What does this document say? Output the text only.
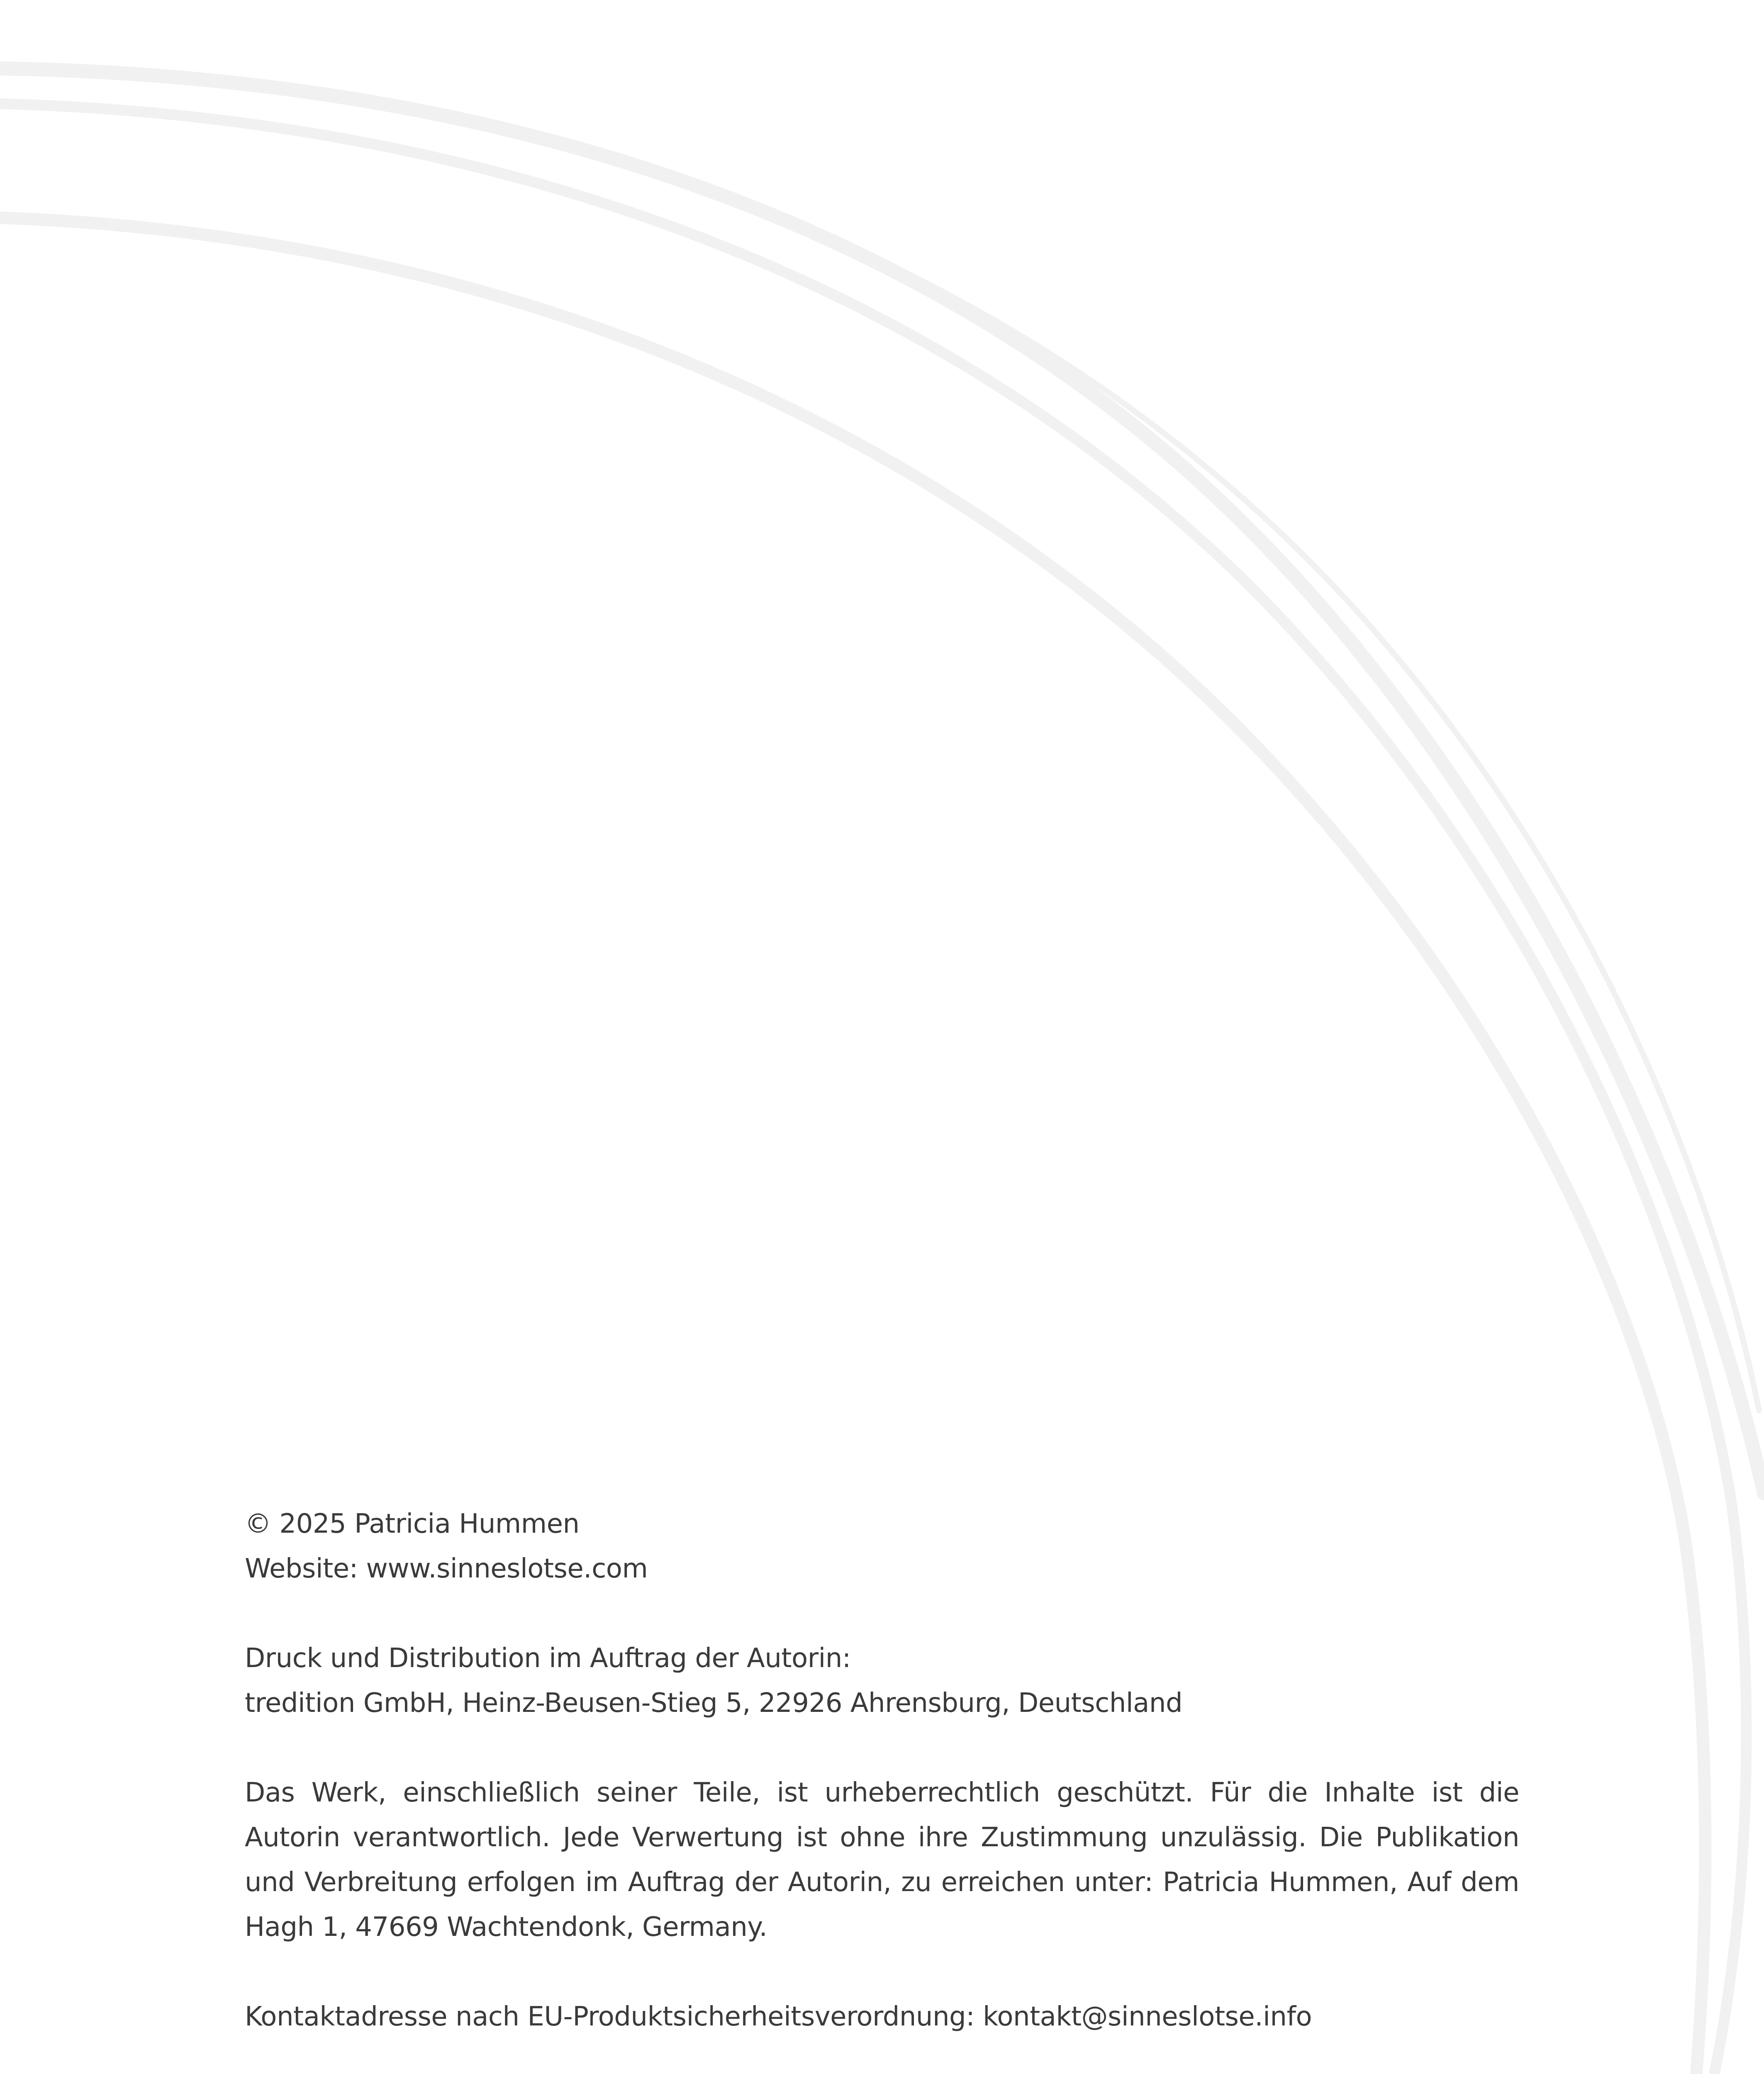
© 2025 Patricia Hummen
Website: www.sinneslotse.com

Druck und Distribution im Auftrag der Autorin:
tredition GmbH, Heinz-Beusen-Stieg 5, 22926 Ahrensburg, Deutschland

Das Werk, einschließlich seiner Teile, ist urheberrechtlich geschützt. Für die Inhalte ist die Autorin verantwortlich. Jede Verwertung ist ohne ihre Zustimmung unzulässig. Die Publikation und Verbreitung erfolgen im Auftrag der Autorin, zu erreichen unter: Patricia Hummen, Auf dem Hagh 1, 47669 Wachtendonk, Germany.

Kontaktadresse nach EU-Produktsicherheitsverordnung: kontakt@sinneslotse.info
